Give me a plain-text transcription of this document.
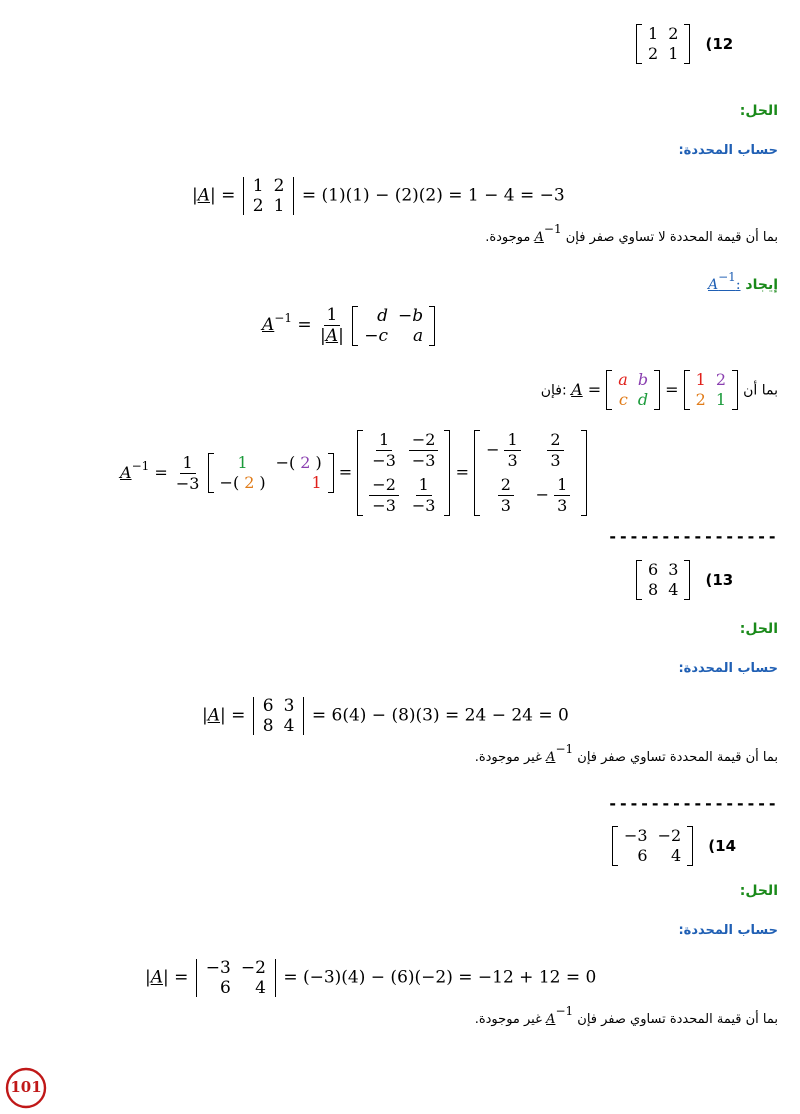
1 2
2 1
(12
الحل:
حساب المحددة:
|A| = 1 2
2 1
= (1)(1) − (2)(2) = 1 − 4 = −3
بما أن قيمة المحددة لا تساوي صفر فإن A−1 موجودة.
إيجاد A−1:
$A^{-1} = \frac{1}{|A|}$
	d −b
−c	a
فإن: A = a b
c d
= 1 2
2 1	بما أن
$A^{-1} = \frac{1}{-3}$
	1	−( 2 )
−( 2 )	1
=
$\frac{1}{-3} \frac{-2}{-3}$
$\frac{-2}{-3} \frac{1}{-3}$
=
− $\frac{1}{3} \frac{2}{3}$
$\frac{2}{3} - \frac{1}{3}$
----------------
6 3
8 4
(13
الحل:
حساب المحددة:
|A| = 6 3
8 4
= 6(4) − (8)(3) = 24 − 24 = 0
بما أن قيمة المحددة تساوي صفر فإن A−1 غير موجودة.
----------------
−3 −2
6	4
(14
الحل:
حساب المحددة:
|A| = −3 −2
6	4
= (−3)(4) − (6)(−2) = −12 + 12 = 0
بما أن قيمة المحددة تساوي صفر فإن A−1 غير موجودة.
101
